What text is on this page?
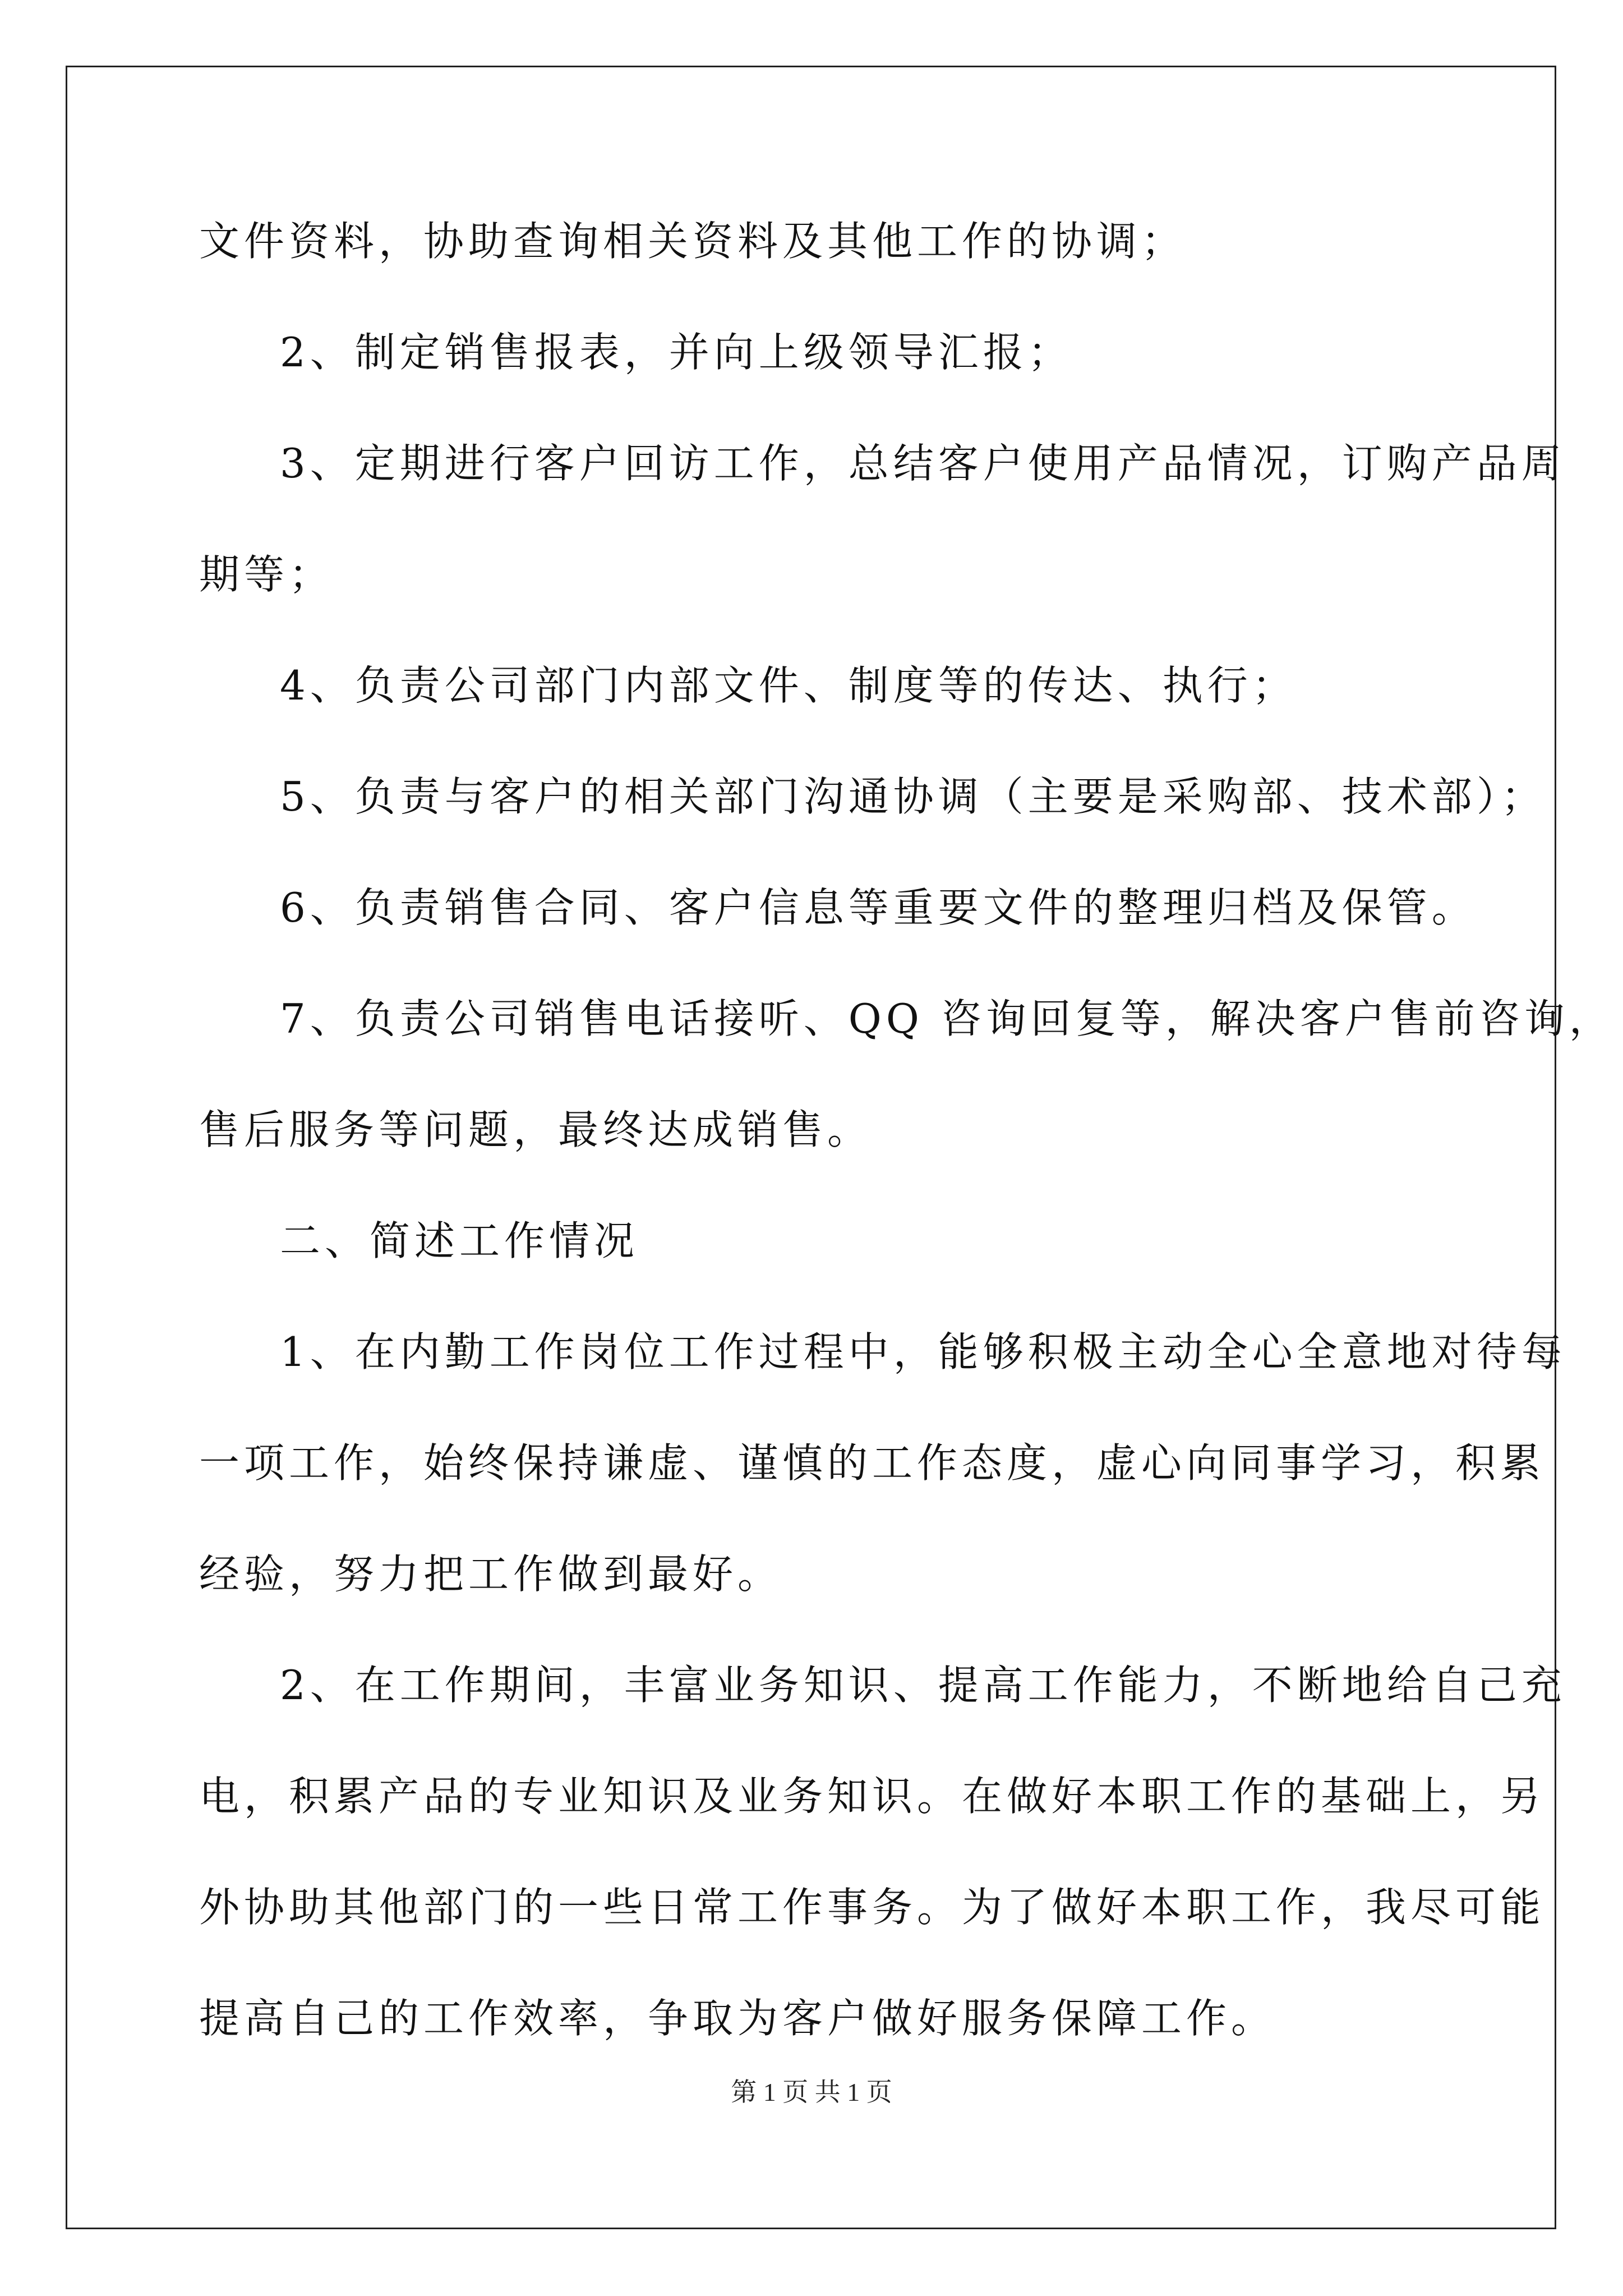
文件资料，协助查询相关资料及其他工作的协调；
2、制定销售报表，并向上级领导汇报；
3、定期进行客户回访工作，总结客户使用产品情况，订购产品周
期等；
4、负责公司部门内部文件、制度等的传达、执行；
5、负责与客户的相关部门沟通协调（主要是采购部、技术部）；
6、负责销售合同、客户信息等重要文件的整理归档及保管。
7、负责公司销售电话接听、QQ 咨询回复等，解决客户售前咨询，
售后服务等问题，最终达成销售。
二、简述工作情况
1、在内勤工作岗位工作过程中，能够积极主动全心全意地对待每
一项工作，始终保持谦虚、谨慎的工作态度，虚心向同事学习，积累
经验，努力把工作做到最好。
2、在工作期间，丰富业务知识、提高工作能力，不断地给自己充
电，积累产品的专业知识及业务知识。在做好本职工作的基础上，另
外协助其他部门的一些日常工作事务。为了做好本职工作，我尽可能
提高自己的工作效率，争取为客户做好服务保障工作。
第 1 页 共 1 页
